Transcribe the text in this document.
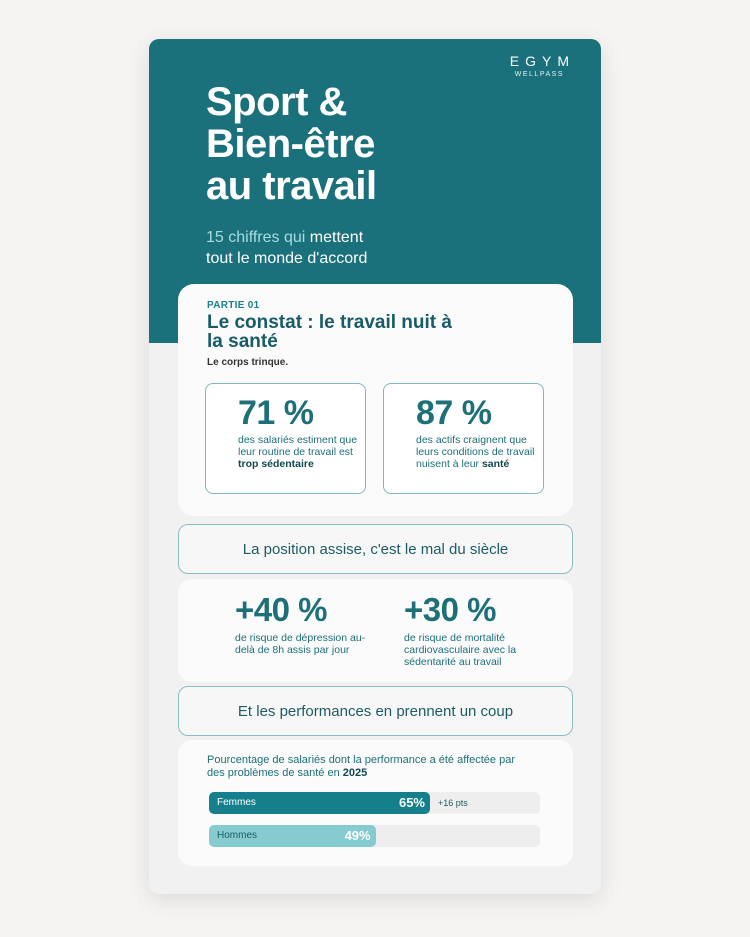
EGYM
WELLPASS
Sport &
Bien-être
au travail

15 chiffres qui mettent
tout le monde d'accord

PARTIE 01
Le constat : le travail nuit à la santé
Le corps trinque.
71 %
des salariés estiment que leur routine de travail est trop sédentaire
87 %
des actifs craignent que leurs conditions de travail nuisent à leur santé
La position assise, c'est le mal du siècle
+40 %
de risque de dépression au-delà de 8h assis par jour
+30 %
de risque de mortalité cardiovasculaire avec la sédentarité au travail
Et les performances en prennent un coup
Pourcentage de salariés dont la performance a été affectée par des problèmes de santé en 2025
Femmes	65% +16 pts
Hommes	49%
